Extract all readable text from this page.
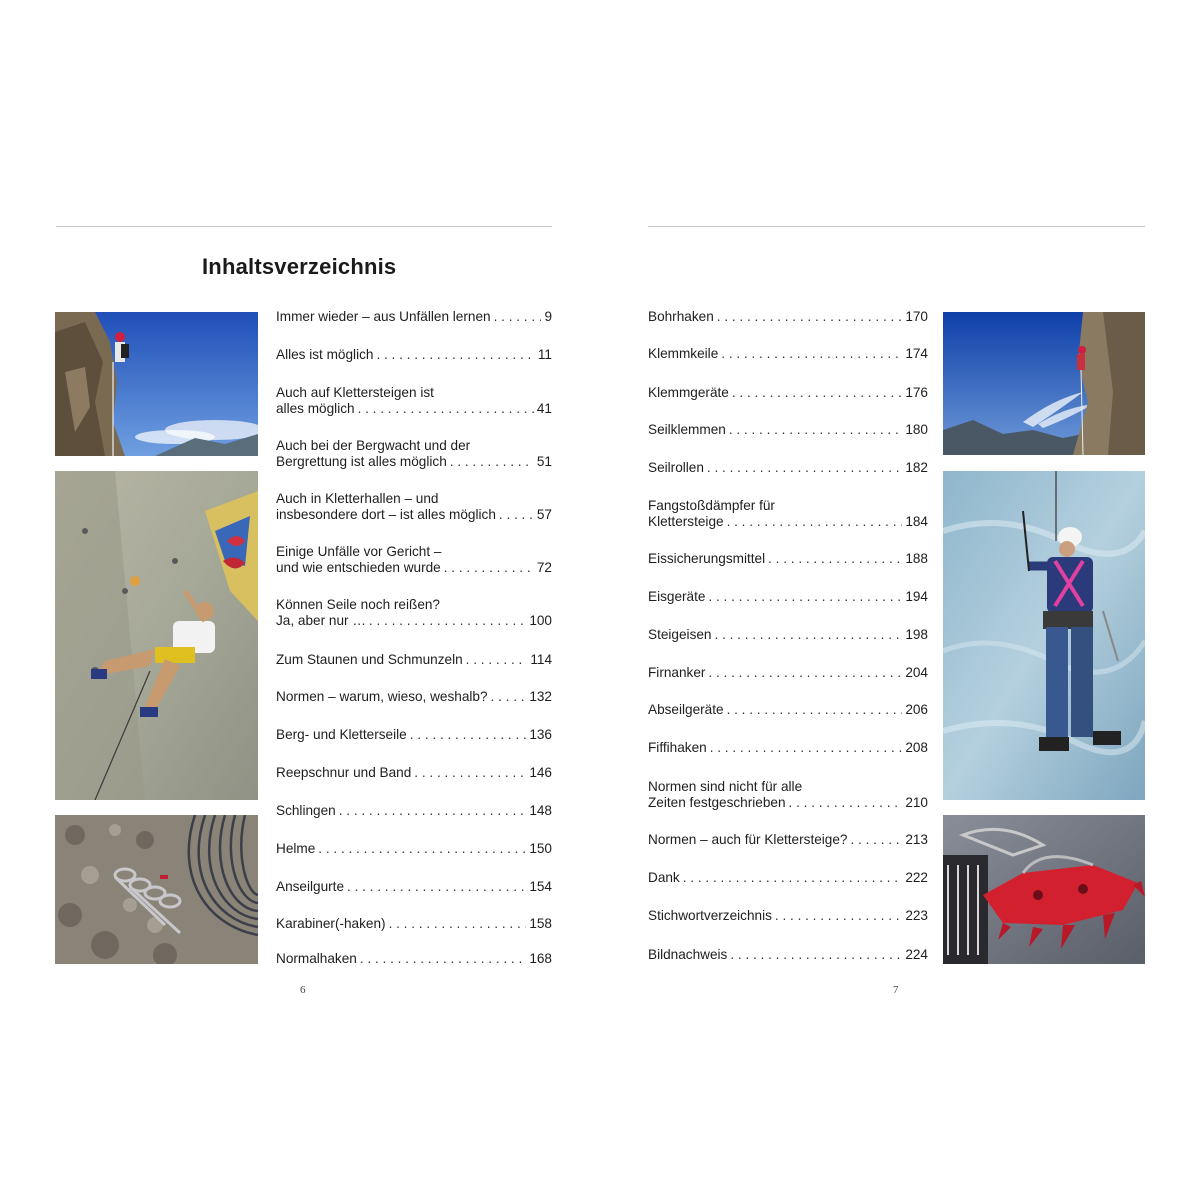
Inhaltsverzeichnis
Immer wieder – aus Unfällen lernen . . .	9
Alles ist möglich . . .	11
Auch auf Klettersteigen ist
alles möglich . . .	41
Auch bei der Bergwacht und der
Bergrettung ist alles möglich . . .	51
Auch in Kletterhallen – und
insbesondere dort – ist alles möglich . . .	57
Einige Unfälle vor Gericht –
und wie entschieden wurde . . .	72
Können Seile noch reißen?
Ja, aber nur … . . .	100
Zum Staunen und Schmunzeln . . .	114
Normen – warum, wieso, weshalb? . . .	132
Berg- und Kletterseile . . .	136
Reepschnur und Band . . .	146
Schlingen . . .	148
Helme . . .	150
Anseilgurte . . .	154
Karabiner(-haken) . . .	158
Normalhaken . . .	168
Bohrhaken . . .	170
Klemmkeile . . .	174
Klemmgeräte . . .	176
Seilklemmen . . .	180
Seilrollen . . .	182
Fangstoßdämpfer für
Klettersteige . . .	184
Eissicherungsmittel . . .	188
Eisgeräte . . .	194
Steigeisen . . .	198
Firnanker . . .	204
Abseilgeräte . . .	206
Fiffihaken . . .	208
Normen sind nicht für alle
Zeiten festgeschrieben . . .	210
Normen – auch für Klettersteige? . . .	213
Dank . . .	222
Stichwortverzeichnis . . .	223
Bildnachweis . . .	224
6	7
